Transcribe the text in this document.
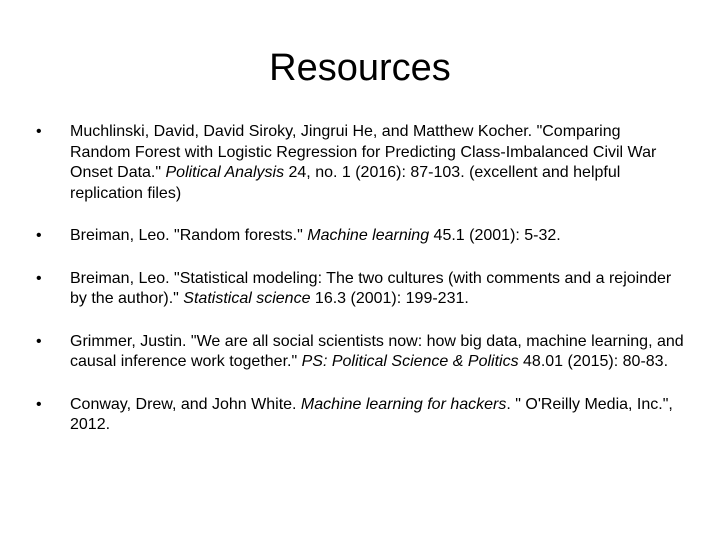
Resources
•	Muchlinski, David, David Siroky, Jingrui He, and Matthew Kocher. "Comparing Random Forest with Logistic Regression for Predicting Class-Imbalanced Civil War Onset Data." Political Analysis 24, no. 1 (2016): 87-103. (excellent and helpful replication files)
•	Breiman, Leo. "Random forests." Machine learning 45.1 (2001): 5-32.
•	Breiman, Leo. "Statistical modeling: The two cultures (with comments and a rejoinder by the author)." Statistical science 16.3 (2001): 199-231.
•	Grimmer, Justin. "We are all social scientists now: how big data, machine learning, and causal inference work together." PS: Political Science & Politics 48.01 (2015): 80-83.
•	Conway, Drew, and John White. Machine learning for hackers. " O'Reilly Media, Inc.", 2012.
